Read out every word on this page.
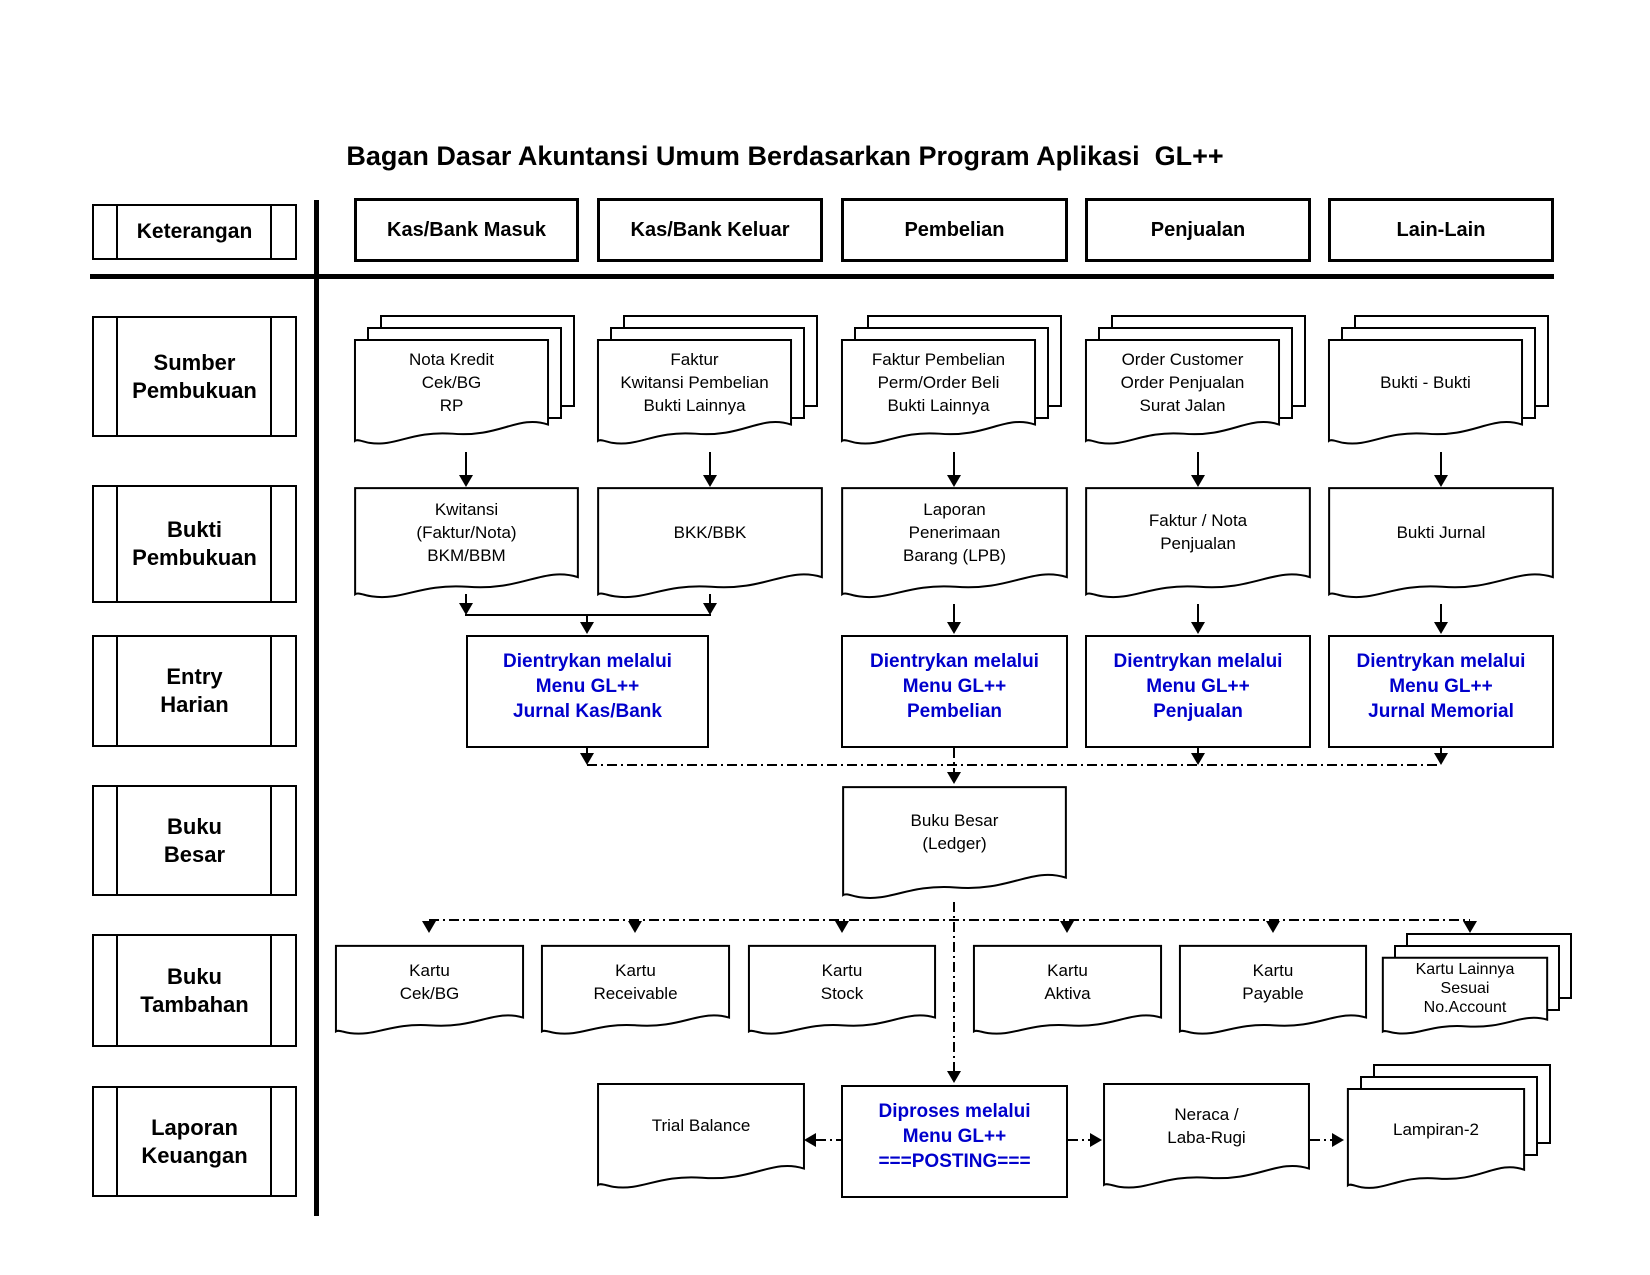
Bagan Dasar Akuntansi Umum Berdasarkan Program Aplikasi  GL++
Keterangan	Kas/Bank Masuk	Kas/Bank Keluar	Pembelian	Penjualan	Lain-Lain
Sumber
Pembukuan
Bukti
Pembukuan
Entry
Harian
Buku
Besar
Buku
Tambahan
Laporan
Keuangan
Nota Kredit
Cek/BG
RP
Faktur
Kwitansi Pembelian
Bukti Lainnya
Faktur Pembelian
Perm/Order Beli
Bukti Lainnya
Order Customer
Order Penjualan
Surat Jalan
Bukti - Bukti
Kwitansi
(Faktur/Nota)
BKM/BBM
BKK/BBK
Laporan
Penerimaan
Barang (LPB)
Faktur / Nota
Penjualan
Bukti Jurnal
Dientrykan melalui
Menu GL++
Jurnal Kas/Bank
Dientrykan melalui
Menu GL++
Pembelian
Dientrykan melalui
Menu GL++
Penjualan
Dientrykan melalui
Menu GL++
Jurnal Memorial
Buku Besar
(Ledger)
Kartu
Cek/BG
Kartu
Receivable
Kartu
Stock
Kartu
Aktiva
Kartu
Payable
Kartu Lainnya
Sesuai
No.Account
Trial Balance
Diproses melalui
Menu GL++
===POSTING===
Neraca /
Laba-Rugi	Lampiran-2
